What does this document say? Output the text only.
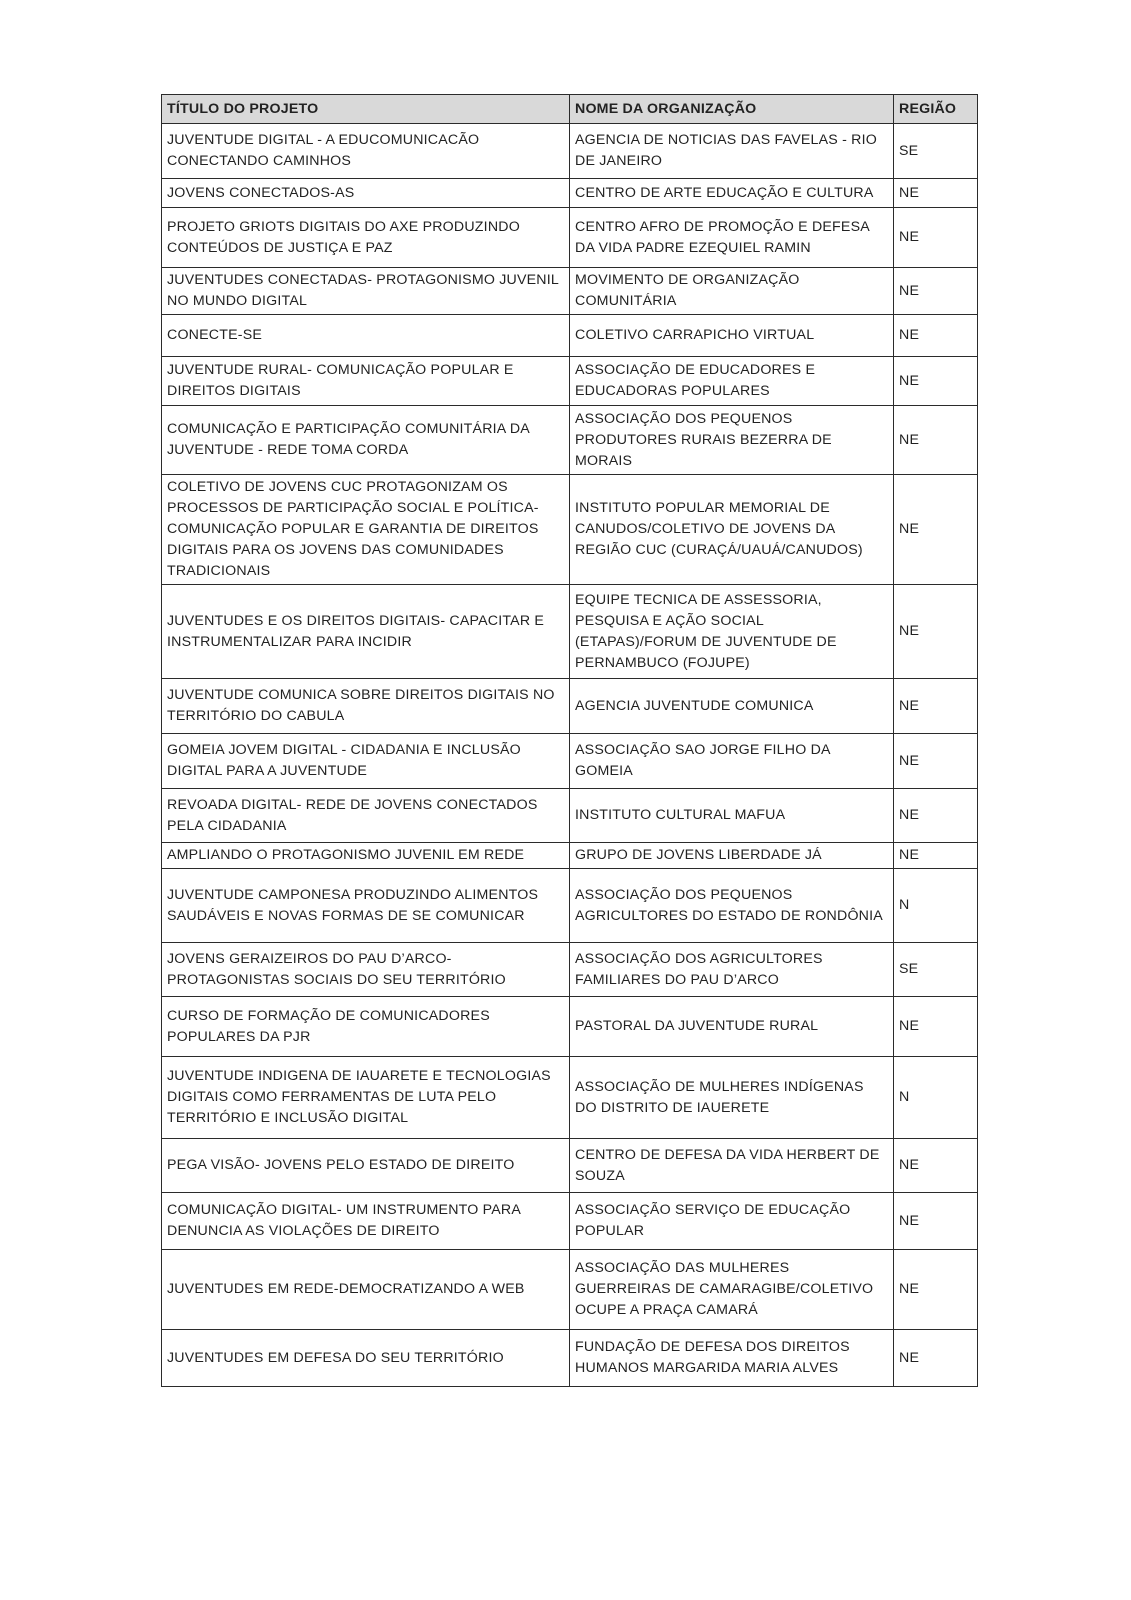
TÍTULO DO PROJETO	NOME DA ORGANIZAÇÃO	REGIÃO
JUVENTUDE DIGITAL - A EDUCOMUNICACÃO CONECTANDO CAMINHOS	AGENCIA DE NOTICIAS DAS FAVELAS - RIO DE JANEIRO	SE
JOVENS CONECTADOS-AS	CENTRO DE ARTE EDUCAÇÃO E CULTURA	NE
PROJETO GRIOTS DIGITAIS DO AXE PRODUZINDO CONTEÚDOS DE JUSTIÇA E PAZ	CENTRO AFRO DE PROMOÇÃO E DEFESA DA VIDA PADRE EZEQUIEL RAMIN	NE
JUVENTUDES CONECTADAS- PROTAGONISMO JUVENIL NO MUNDO DIGITAL	MOVIMENTO DE ORGANIZAÇÃO COMUNITÁRIA	NE
CONECTE-SE	COLETIVO CARRAPICHO VIRTUAL	NE
JUVENTUDE RURAL- COMUNICAÇÃO POPULAR E DIREITOS DIGITAIS	ASSOCIAÇÃO DE EDUCADORES E EDUCADORAS POPULARES	NE
COMUNICAÇÃO E PARTICIPAÇÃO COMUNITÁRIA DA JUVENTUDE - REDE TOMA CORDA	ASSOCIAÇÃO DOS PEQUENOS PRODUTORES RURAIS BEZERRA DE MORAIS	NE
COLETIVO DE JOVENS CUC PROTAGONIZAM OS PROCESSOS DE PARTICIPAÇÃO SOCIAL E POLÍTICA-COMUNICAÇÃO POPULAR E GARANTIA DE DIREITOS DIGITAIS PARA OS JOVENS DAS COMUNIDADES TRADICIONAIS	INSTITUTO POPULAR MEMORIAL DE CANUDOS/COLETIVO DE JOVENS DA REGIÃO CUC (CURAÇÁ/UAUÁ/CANUDOS)	NE
JUVENTUDES E OS DIREITOS DIGITAIS- CAPACITAR E INSTRUMENTALIZAR PARA INCIDIR	EQUIPE TECNICA DE ASSESSORIA, PESQUISA E AÇÃO SOCIAL (ETAPAS)/FORUM DE JUVENTUDE DE PERNAMBUCO (FOJUPE)	NE
JUVENTUDE COMUNICA SOBRE DIREITOS DIGITAIS NO TERRITÓRIO DO CABULA	AGENCIA JUVENTUDE COMUNICA	NE
GOMEIA JOVEM DIGITAL - CIDADANIA E INCLUSÃO DIGITAL PARA A JUVENTUDE	ASSOCIAÇÃO SAO JORGE FILHO DA GOMEIA	NE
REVOADA DIGITAL- REDE DE JOVENS CONECTADOS PELA CIDADANIA	INSTITUTO CULTURAL MAFUA	NE
AMPLIANDO O PROTAGONISMO JUVENIL EM REDE	GRUPO DE JOVENS LIBERDADE JÁ	NE
JUVENTUDE CAMPONESA PRODUZINDO ALIMENTOS SAUDÁVEIS E NOVAS FORMAS DE SE COMUNICAR	ASSOCIAÇÃO DOS PEQUENOS AGRICULTORES DO ESTADO DE RONDÔNIA	N
JOVENS GERAIZEIROS DO PAU D’ARCO-PROTAGONISTAS SOCIAIS DO SEU TERRITÓRIO	ASSOCIAÇÃO DOS AGRICULTORES FAMILIARES DO PAU D’ARCO	SE
CURSO DE FORMAÇÃO DE COMUNICADORES POPULARES DA PJR	PASTORAL DA JUVENTUDE RURAL	NE
JUVENTUDE INDIGENA DE IAUARETE E TECNOLOGIAS DIGITAIS COMO FERRAMENTAS DE LUTA PELO TERRITÓRIO E INCLUSÃO DIGITAL	ASSOCIAÇÃO DE MULHERES INDÍGENAS DO DISTRITO DE IAUERETE	N
PEGA VISÃO- JOVENS PELO ESTADO DE DIREITO	CENTRO DE DEFESA DA VIDA HERBERT DE SOUZA	NE
COMUNICAÇÃO DIGITAL- UM INSTRUMENTO PARA DENUNCIA AS VIOLAÇÕES DE DIREITO	ASSOCIAÇÃO SERVIÇO DE EDUCAÇÃO POPULAR	NE
JUVENTUDES EM REDE-DEMOCRATIZANDO A WEB	ASSOCIAÇÃO DAS MULHERES GUERREIRAS DE CAMARAGIBE/COLETIVO OCUPE A PRAÇA CAMARÁ	NE
JUVENTUDES EM DEFESA DO SEU TERRITÓRIO	FUNDAÇÃO DE DEFESA DOS DIREITOS HUMANOS MARGARIDA MARIA ALVES	NE
